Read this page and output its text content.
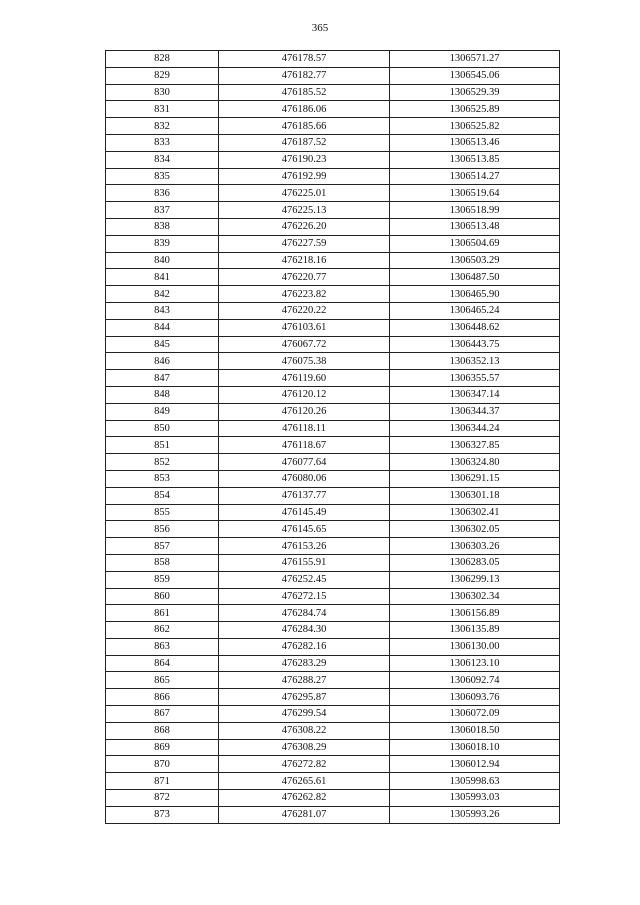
365
828	476178.57	1306571.27
829	476182.77	1306545.06
830	476185.52	1306529.39
831	476186.06	1306525.89
832	476185.66	1306525.82
833	476187.52	1306513.46
834	476190.23	1306513.85
835	476192.99	1306514.27
836	476225.01	1306519.64
837	476225.13	1306518.99
838	476226.20	1306513.48
839	476227.59	1306504.69
840	476218.16	1306503.29
841	476220.77	1306487.50
842	476223.82	1306465.90
843	476220.22	1306465.24
844	476103.61	1306448.62
845	476067.72	1306443.75
846	476075.38	1306352.13
847	476119.60	1306355.57
848	476120.12	1306347.14
849	476120.26	1306344.37
850	476118.11	1306344.24
851	476118.67	1306327.85
852	476077.64	1306324.80
853	476080.06	1306291.15
854	476137.77	1306301.18
855	476145.49	1306302.41
856	476145.65	1306302.05
857	476153.26	1306303.26
858	476155.91	1306283.05
859	476252.45	1306299.13
860	476272.15	1306302.34
861	476284.74	1306156.89
862	476284.30	1306135.89
863	476282.16	1306130.00
864	476283.29	1306123.10
865	476288.27	1306092.74
866	476295.87	1306093.76
867	476299.54	1306072.09
868	476308.22	1306018.50
869	476308.29	1306018.10
870	476272.82	1306012.94
871	476265.61	1305998.63
872	476262.82	1305993.03
873	476281.07	1305993.26
